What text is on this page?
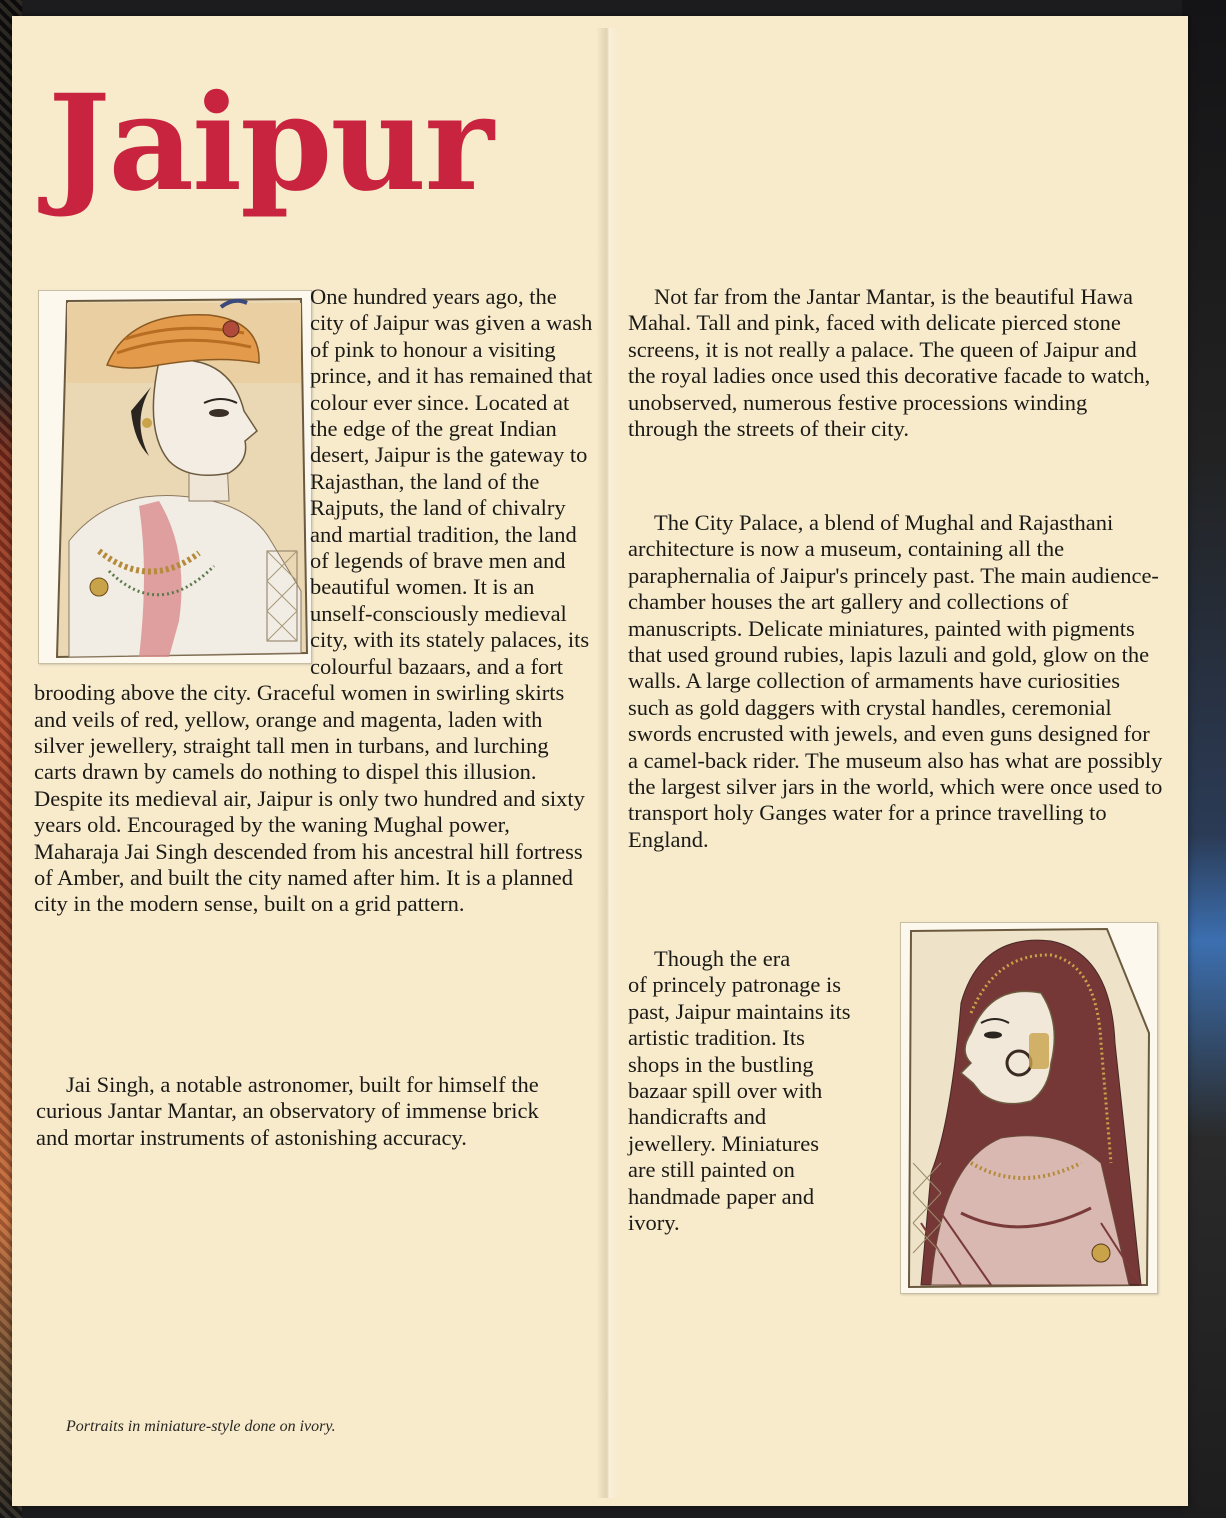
Jaipur

One hundred years ago, the city of Jaipur was given a wash of pink to honour a visiting prince, and it has remained that colour ever since. Located at the edge of the great Indian desert, Jaipur is the gateway to Rajasthan, the land of the Rajputs, the land of chivalry and martial tradition, the land of legends of brave men and beautiful women. It is an unself-consciously medieval city, with its stately palaces, its colourful bazaars, and a fort brooding above the city. Graceful women in swirling skirts and veils of red, yellow, orange and magenta, laden with silver jewellery, straight tall men in turbans, and lurching carts drawn by camels do nothing to dispel this illusion. Despite its medieval air, Jaipur is only two hundred and sixty years old. Encouraged by the waning Mughal power, Maharaja Jai Singh descended from his ancestral hill fortress of Amber, and built the city named after him. It is a planned city in the modern sense, built on a grid pattern.

Jai Singh, a notable astronomer, built for himself the curious Jantar Mantar, an observatory of immense brick and mortar instruments of astonishing accuracy.

Not far from the Jantar Mantar, is the beautiful Hawa Mahal. Tall and pink, faced with delicate pierced stone screens, it is not really a palace. The queen of Jaipur and the royal ladies once used this decorative facade to watch, unobserved, numerous festive processions winding through the streets of their city.

The City Palace, a blend of Mughal and Rajasthani architecture is now a museum, containing all the paraphernalia of Jaipur's princely past. The main audience-chamber houses the art gallery and collections of manuscripts. Delicate miniatures, painted with pigments that used ground rubies, lapis lazuli and gold, glow on the walls. A large collection of armaments have curiosities such as gold daggers with crystal handles, ceremonial swords encrusted with jewels, and even guns designed for a camel-back rider. The museum also has what are possibly the largest silver jars in the world, which were once used to transport holy Ganges water for a prince travelling to England.

Though the era
of princely patronage is
past, Jaipur maintains its
artistic tradition. Its
shops in the bustling
bazaar spill over with
handicrafts and
jewellery. Miniatures
are still painted on
handmade paper and
ivory.

Portraits in miniature-style done on ivory.
